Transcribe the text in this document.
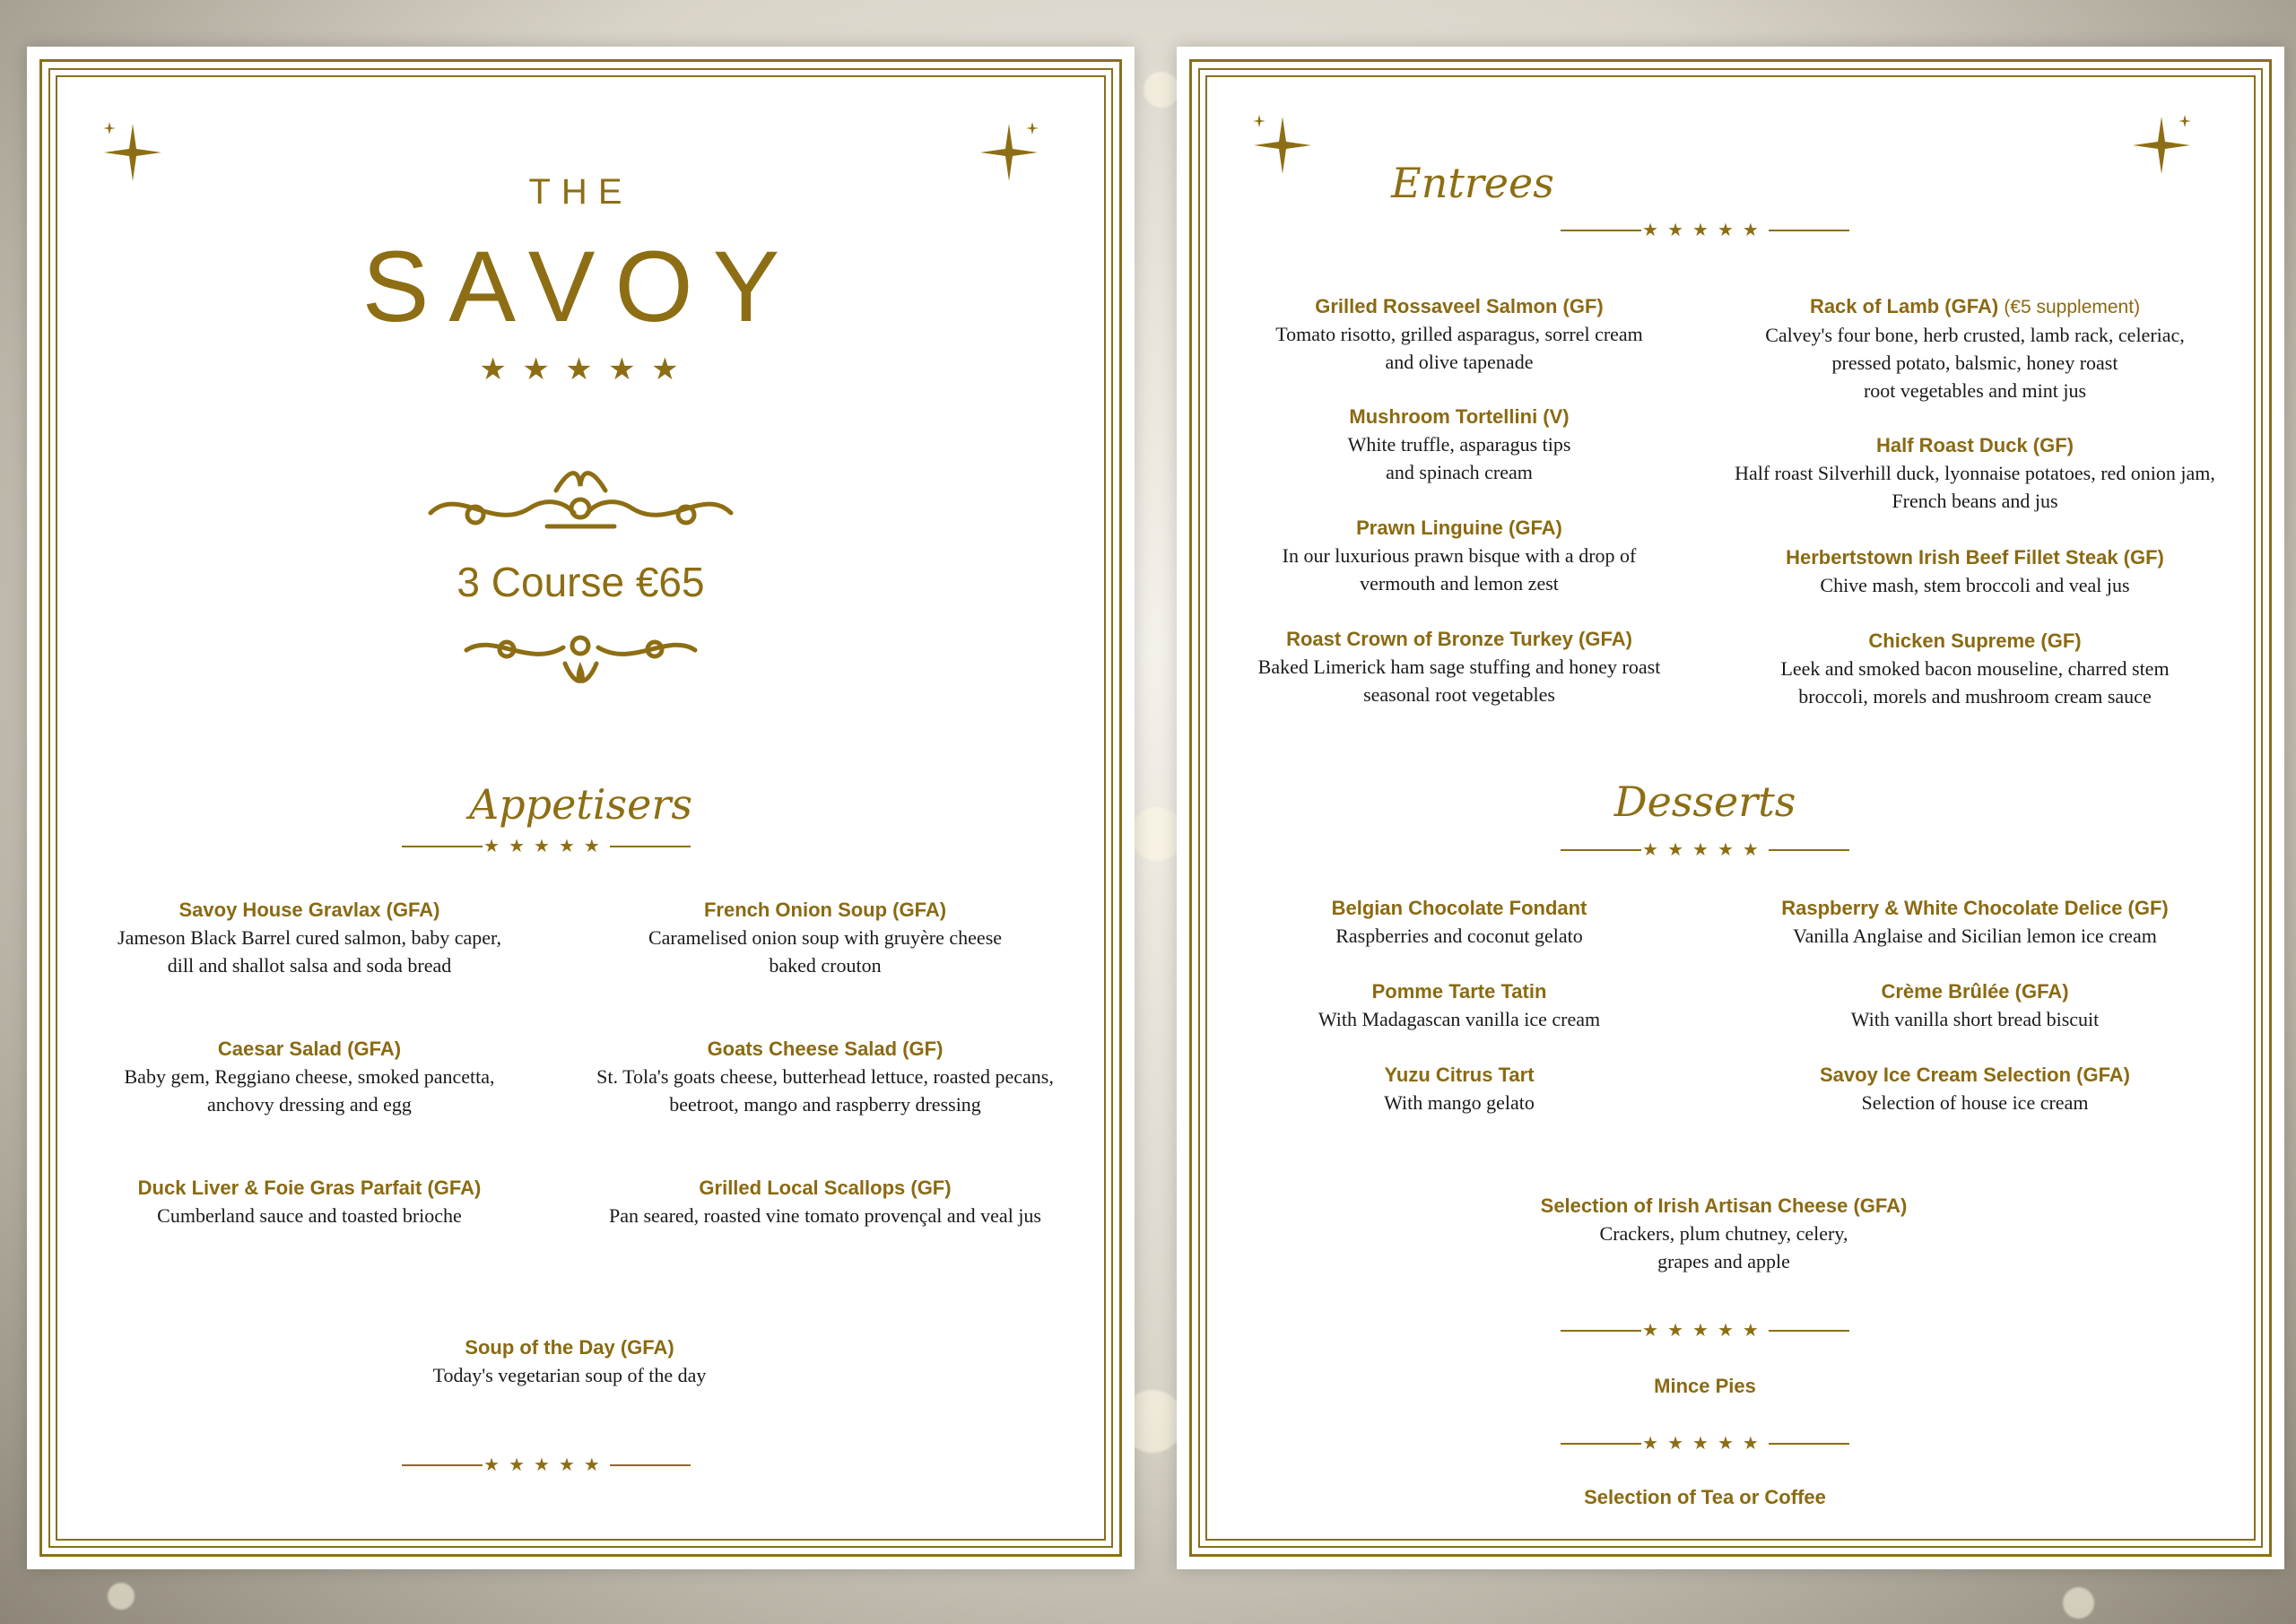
THE
SAVOY
★ ★ ★ ★ ★
3 Course €65
Appetisers
★★★★★
Savoy House Gravlax (GFA)
Jameson Black Barrel cured salmon, baby caper,
dill and shallot salsa and soda bread
French Onion Soup (GFA)
Caramelised onion soup with gruyère cheese
baked crouton
Caesar Salad (GFA)
Baby gem, Reggiano cheese, smoked pancetta,
anchovy dressing and egg
Goats Cheese Salad (GF)
St. Tola's goats cheese, butterhead lettuce, roasted pecans,
beetroot, mango and raspberry dressing
Duck Liver & Foie Gras Parfait (GFA)
Cumberland sauce and toasted brioche
Grilled Local Scallops (GF)
Pan seared, roasted vine tomato provençal and veal jus
Soup of the Day (GFA)
Today's vegetarian soup of the day
★★★★★
Entrees
★★★★★
Grilled Rossaveel Salmon (GF)
Tomato risotto, grilled asparagus, sorrel cream
and olive tapenade
Rack of Lamb (GFA) (€5 supplement)
Calvey's four bone, herb crusted, lamb rack, celeriac,
pressed potato, balsmic, honey roast
root vegetables and mint jus
Mushroom Tortellini (V)
White truffle, asparagus tips
and spinach cream
Half Roast Duck (GF)
Half roast Silverhill duck, lyonnaise potatoes, red onion jam,
French beans and jus
Prawn Linguine (GFA)
In our luxurious prawn bisque with a drop of
vermouth and lemon zest
Herbertstown Irish Beef Fillet Steak (GF)
Chive mash, stem broccoli and veal jus
Roast Crown of Bronze Turkey (GFA)
Baked Limerick ham sage stuffing and honey roast
seasonal root vegetables
Chicken Supreme (GF)
Leek and smoked bacon mouseline, charred stem
broccoli, morels and mushroom cream sauce
Desserts
★★★★★
Belgian Chocolate Fondant
Raspberries and coconut gelato
Raspberry & White Chocolate Delice (GF)
Vanilla Anglaise and Sicilian lemon ice cream
Pomme Tarte Tatin
With Madagascan vanilla ice cream
Crème Brûlée (GFA)
With vanilla short bread biscuit
Yuzu Citrus Tart
With mango gelato
Savoy Ice Cream Selection (GFA)
Selection of house ice cream
Selection of Irish Artisan Cheese (GFA)
Crackers, plum chutney, celery,
grapes and apple
★★★★★
Mince Pies
★★★★★
Selection of Tea or Coffee
